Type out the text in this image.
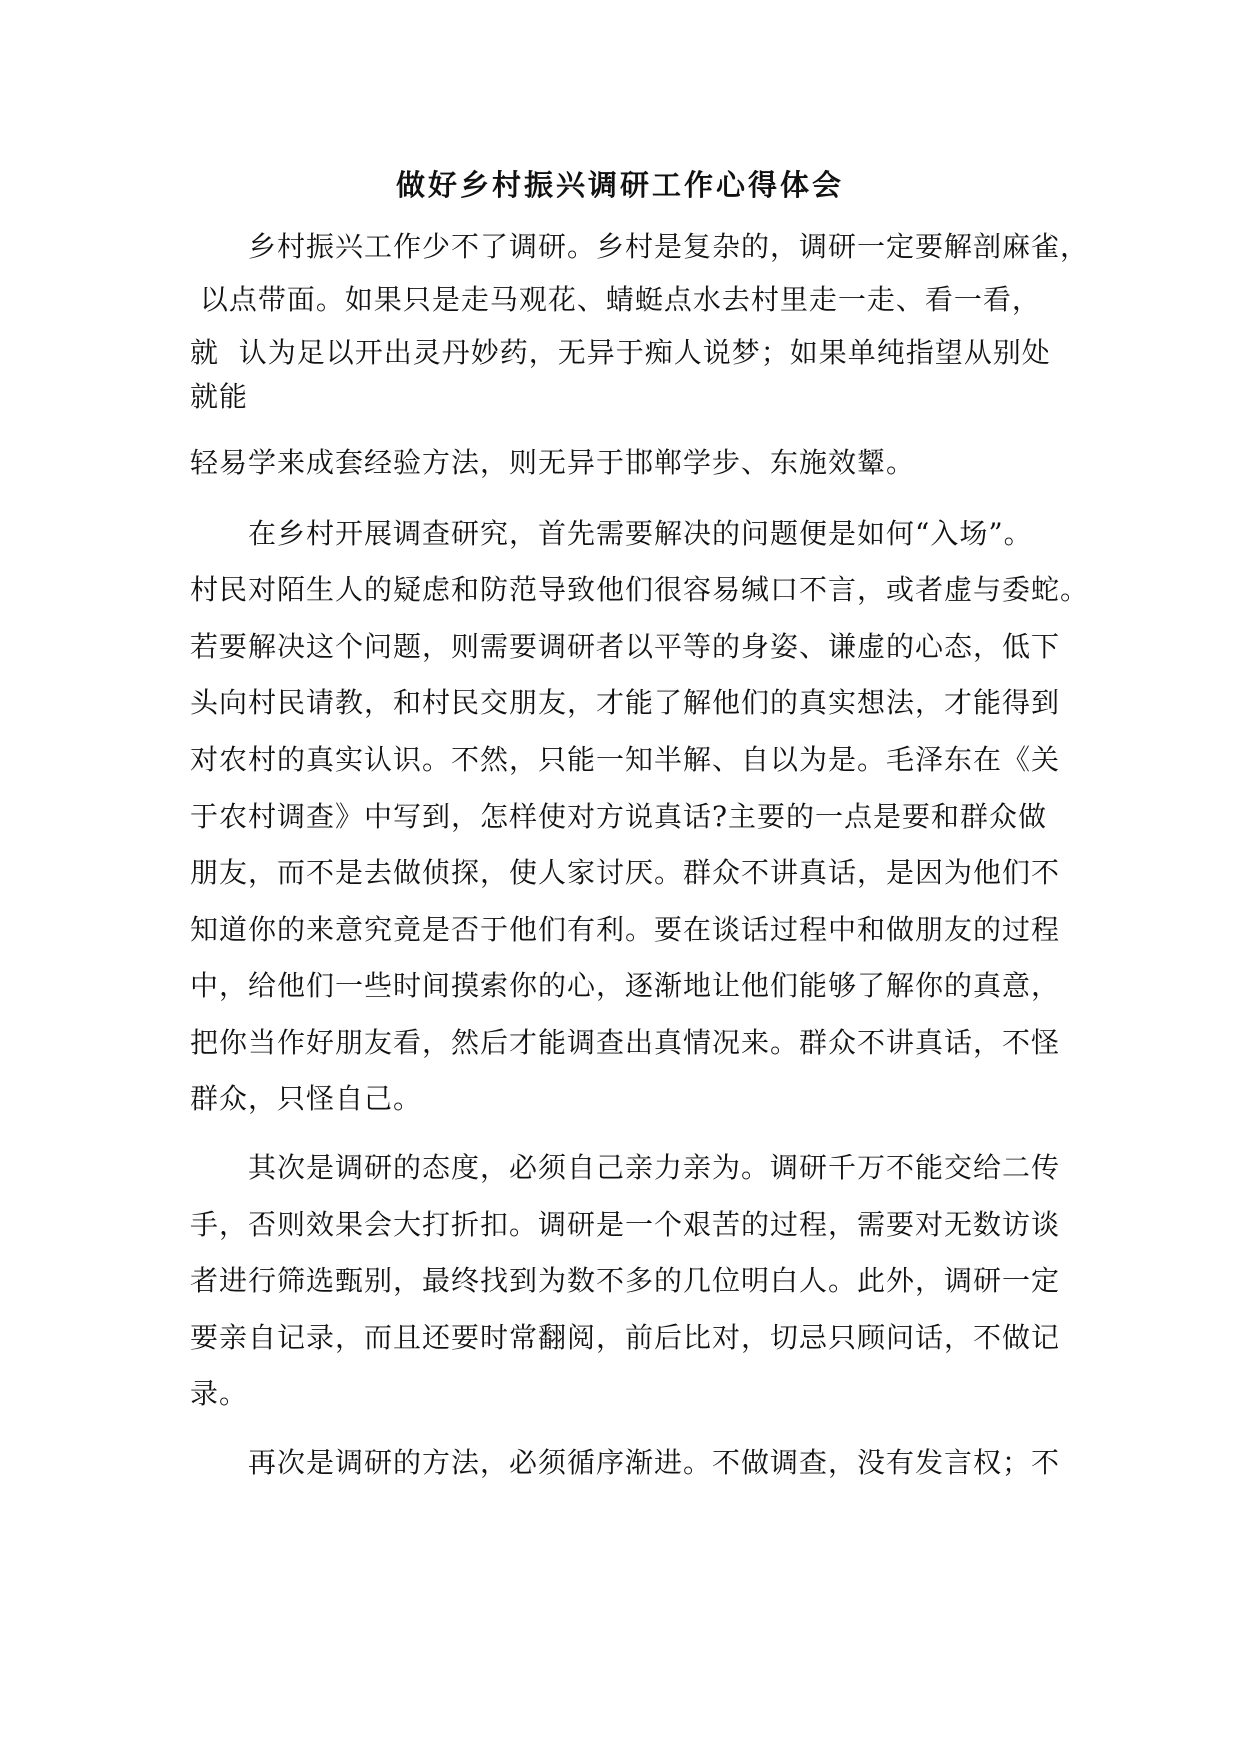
做好乡村振兴调研工作心得体会
乡村振兴工作少不了调研。乡村是复杂的，调研一定要解剖麻雀，
以点带面。如果只是走马观花、蜻蜓点水去村里走一走、看一看，
就  认为足以开出灵丹妙药，无异于痴人说梦；如果单纯指望从别处
就能
轻易学来成套经验方法，则无异于邯郸学步、东施效颦。
在乡村开展调查研究，首先需要解决的问题便是如何“入场”。
村民对陌生人的疑虑和防范导致他们很容易缄口不言，或者虚与委蛇。
若要解决这个问题，则需要调研者以平等的身姿、谦虚的心态，低下
头向村民请教，和村民交朋友，才能了解他们的真实想法，才能得到
对农村的真实认识。不然，只能一知半解、自以为是。毛泽东在《关
于农村调查》中写到，怎样使对方说真话?主要的一点是要和群众做
朋友，而不是去做侦探，使人家讨厌。群众不讲真话，是因为他们不
知道你的来意究竟是否于他们有利。要在谈话过程中和做朋友的过程
中，给他们一些时间摸索你的心，逐渐地让他们能够了解你的真意，
把你当作好朋友看，然后才能调查出真情况来。群众不讲真话，不怪
群众，只怪自己。
其次是调研的态度，必须自己亲力亲为。调研千万不能交给二传
手，否则效果会大打折扣。调研是一个艰苦的过程，需要对无数访谈
者进行筛选甄别，最终找到为数不多的几位明白人。此外，调研一定
要亲自记录，而且还要时常翻阅，前后比对，切忌只顾问话，不做记
录。
再次是调研的方法，必须循序渐进。不做调查，没有发言权；不
